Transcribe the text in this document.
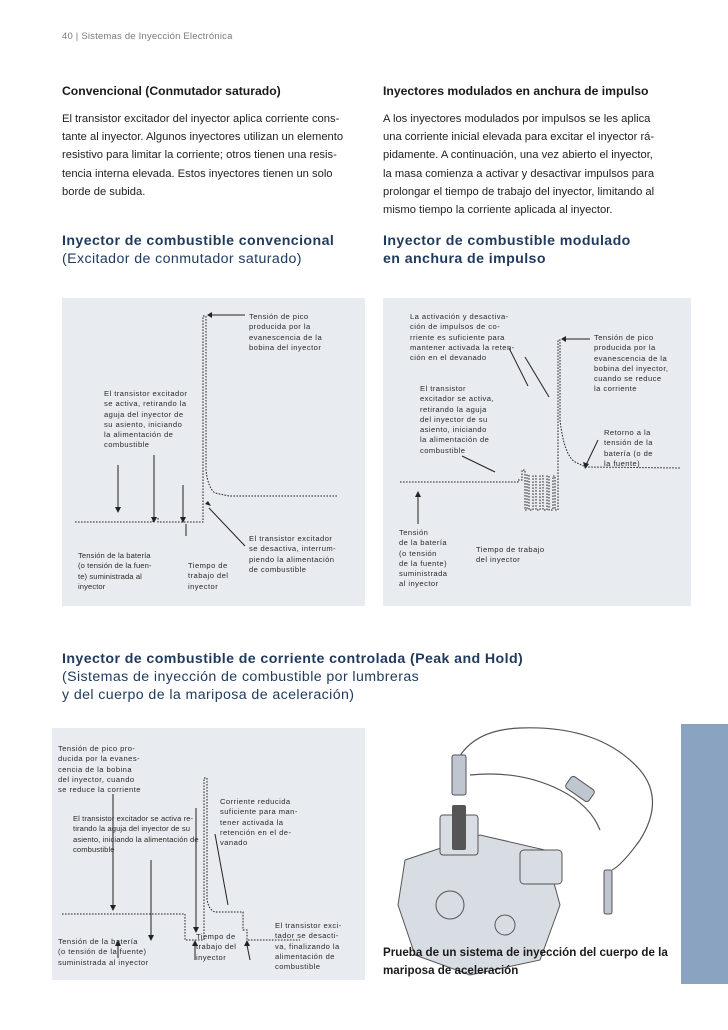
40 | Sistemas de Inyección Electrónica
Convencional (Conmutador saturado)
El transistor excitador del inyector aplica corriente cons-
tante al inyector. Algunos inyectores utilizan un elemento
resistivo para limitar la corriente; otros tienen una resis-
tencia interna elevada. Estos inyectores tienen un solo
borde de subida.
Inyectores modulados en anchura de impulso
A los inyectores modulados por impulsos se les aplica
una corriente inicial elevada para excitar el inyector rá-
pidamente. A continuación, una vez abierto el inyector,
la masa comienza a activar y desactivar impulsos para
prolongar el tiempo de trabajo del inyector, limitando al
mismo tiempo la corriente aplicada al inyector.
Inyector de combustible convencional
(Excitador de conmutador saturado)
Inyector de combustible modulado
en anchura de impulso
Tensión de pico
producida por la
evanescencia de la
bobina del inyector
El transistor excitador
se activa, retirando la
aguja del inyector de
su asiento, iniciando
la alimentación de
combustible
El transistor excitador
se desactiva, interrum-
piendo la alimentación
de combustible
Tensión de la batería
(o tensión de la fuen-
te) suministrada al
inyector
Tiempo de
trabajo del
inyector
La activación y desactiva-
ción de impulsos de co-
rriente es suficiente para
mantener activada la reten-
ción en el devanado
Tensión de pico
producida por la
evanescencia de la
bobina del inyector,
cuando se reduce
la corriente
El transistor
excitador se activa,
retirando la aguja
del inyector de su
asiento, iniciando
la alimentación de
combustible
Retorno a la
tensión de la
batería (o de
la fuente)
Tensión
de la batería
(o tensión
de la fuente)
suministrada
al inyector
Tiempo de trabajo
del inyector
Inyector de combustible de corriente controlada (Peak and Hold)
(Sistemas de inyección de combustible por lumbreras
y del cuerpo de la mariposa de aceleración)
Tensión de pico pro-
ducida por la evanes-
cencia de la bobina
del inyector, cuando
se reduce la corriente
Corriente reducida
suficiente para man-
tener activada la
retención en el de-
vanado
El transistor excitador se activa re-
tirando la aguja del inyector de su
asiento, iniciando la alimentación de
combustible
El transistor exci-
tador se desacti-
va, finalizando la
alimentación de
combustible
Tiempo de
trabajo del
inyector
Tensión de la batería
(o tensión de la fuente)
suministrada al inyector
Prueba de un sistema de inyección del cuerpo de la
mariposa de aceleración
